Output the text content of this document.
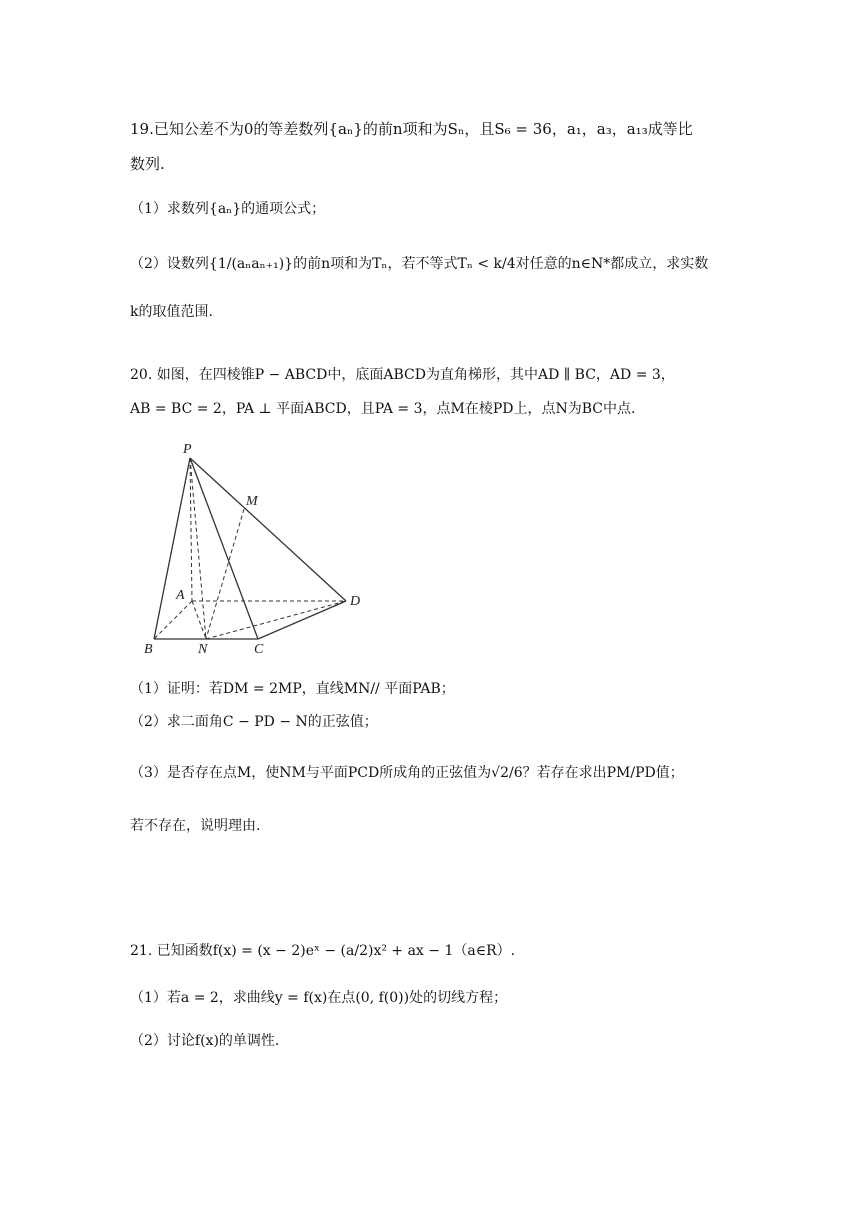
19.已知公差不为0的等差数列{aₙ}的前n项和为Sₙ，且S₆ = 36，a₁，a₃，a₁₃成等比
数列.
（1）求数列{aₙ}的通项公式；
（2）设数列{1/(aₙaₙ₊₁)}的前n项和为Tₙ，若不等式Tₙ < k/4对任意的n∈N*都成立，求实数
k的取值范围.
20. 如图，在四棱锥P − ABCD中，底面ABCD为直角梯形，其中AD ∥ BC，AD = 3，
AB = BC = 2，PA ⊥ 平面ABCD，且PA = 3，点M在棱PD上，点N为BC中点.
P
M
A	D
B	N	C
（1）证明：若DM = 2MP，直线MN// 平面PAB；
（2）求二面角C − PD − N的正弦值；
（3）是否存在点M，使NM与平面PCD所成角的正弦值为√2/6？若存在求出PM/PD值；
若不存在，说明理由.
21. 已知函数f(x) = (x − 2)eˣ − (a/2)x² + ax − 1（a∈R）.
（1）若a = 2，求曲线y = f(x)在点(0, f(0))处的切线方程；
（2）讨论f(x)的单调性.
